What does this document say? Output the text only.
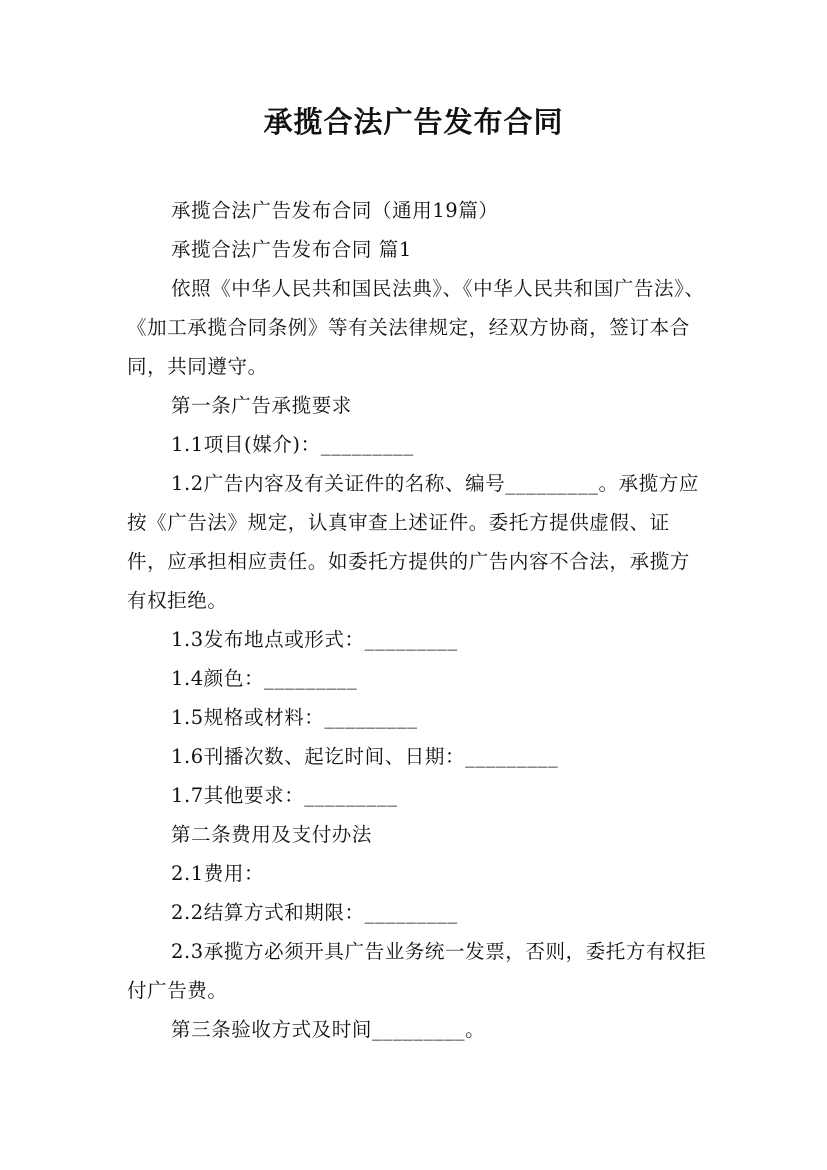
承揽合法广告发布合同

承揽合法广告发布合同（通用19篇）

承揽合法广告发布合同 篇1

依照《中华人民共和国民法典》、《中华人民共和国广告法》、《加工承揽合同条例》等有关法律规定，经双方协商，签订本合同，共同遵守。

第一条广告承揽要求

1.1项目(媒介)：_________

1.2广告内容及有关证件的名称、编号_________。承揽方应按《广告法》规定，认真审查上述证件。委托方提供虚假、证件，应承担相应责任。如委托方提供的广告内容不合法，承揽方有权拒绝。

1.3发布地点或形式：_________

1.4颜色：_________

1.5规格或材料：_________

1.6刊播次数、起讫时间、日期：_________

1.7其他要求：_________

第二条费用及支付办法

2.1费用：

2.2结算方式和期限：_________

2.3承揽方必须开具广告业务统一发票，否则，委托方有权拒付广告费。

第三条验收方式及时间_________。
